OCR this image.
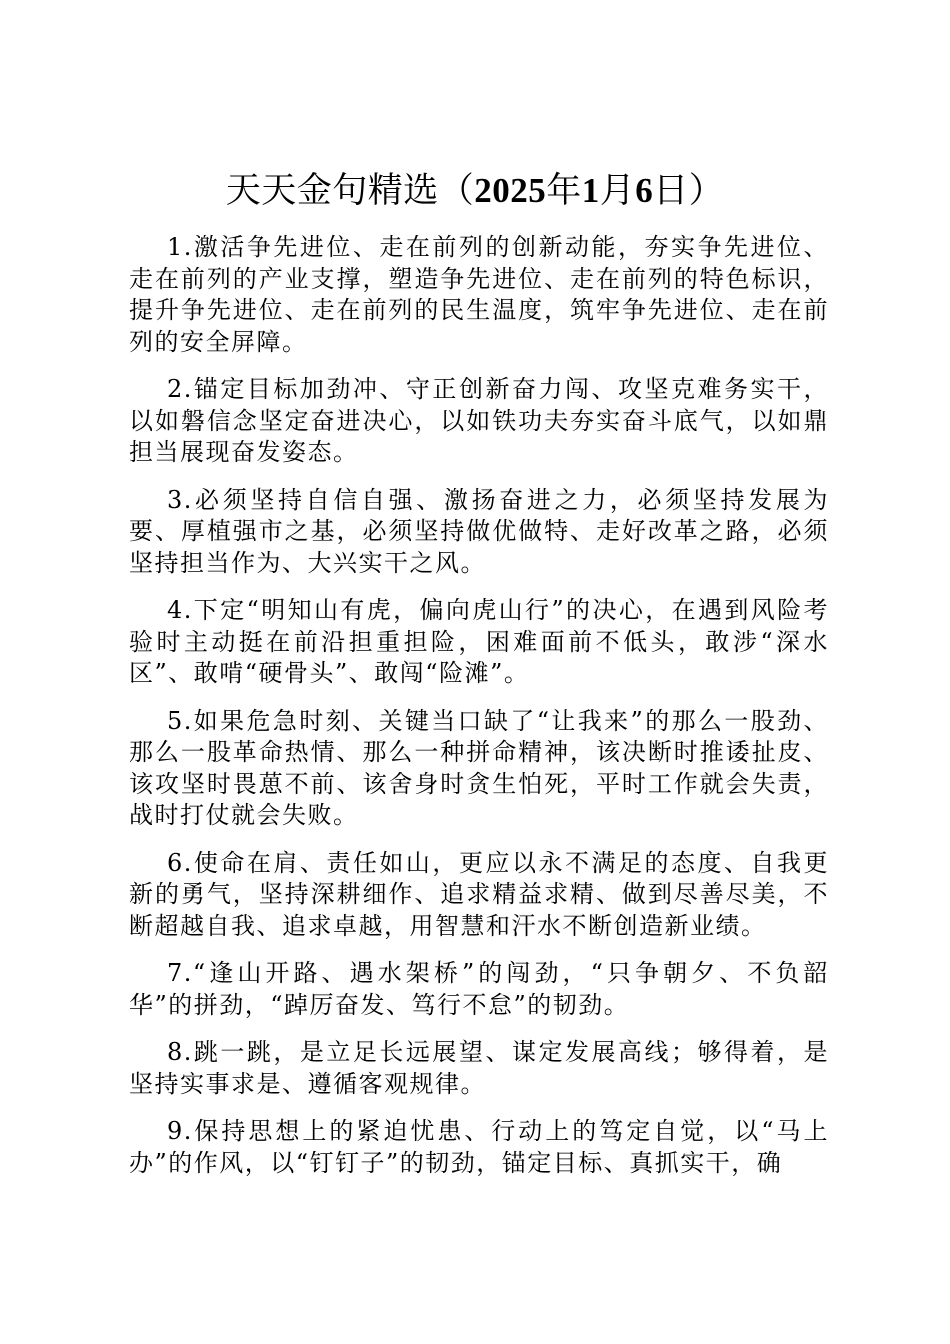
天天金句精选（2025年1月6日）

1.激活争先进位、走在前列的创新动能，夯实争先进位、走在前列的产业支撑，塑造争先进位、走在前列的特色标识，提升争先进位、走在前列的民生温度，筑牢争先进位、走在前列的安全屏障。

2.锚定目标加劲冲、守正创新奋力闯、攻坚克难务实干，以如磐信念坚定奋进决心，以如铁功夫夯实奋斗底气，以如鼎担当展现奋发姿态。

3.必须坚持自信自强、激扬奋进之力，必须坚持发展为要、厚植强市之基，必须坚持做优做特、走好改革之路，必须坚持担当作为、大兴实干之风。

4.下定“明知山有虎，偏向虎山行”的决心，在遇到风险考验时主动挺在前沿担重担险，困难面前不低头，敢涉“深水区”、敢啃“硬骨头”、敢闯“险滩”。

5.如果危急时刻、关键当口缺了“让我来”的那么一股劲、那么一股革命热情、那么一种拼命精神，该决断时推诿扯皮、该攻坚时畏葸不前、该舍身时贪生怕死，平时工作就会失责，战时打仗就会失败。

6.使命在肩、责任如山，更应以永不满足的态度、自我更新的勇气，坚持深耕细作、追求精益求精、做到尽善尽美，不断超越自我、追求卓越，用智慧和汗水不断创造新业绩。

7.“逢山开路、遇水架桥”的闯劲，“只争朝夕、不负韶华”的拼劲，“踔厉奋发、笃行不怠”的韧劲。

8.跳一跳，是立足长远展望、谋定发展高线；够得着，是坚持实事求是、遵循客观规律。

9.保持思想上的紧迫忧患、行动上的笃定自觉，以“马上办”的作风，以“钉钉子”的韧劲，锚定目标、真抓实干，确
